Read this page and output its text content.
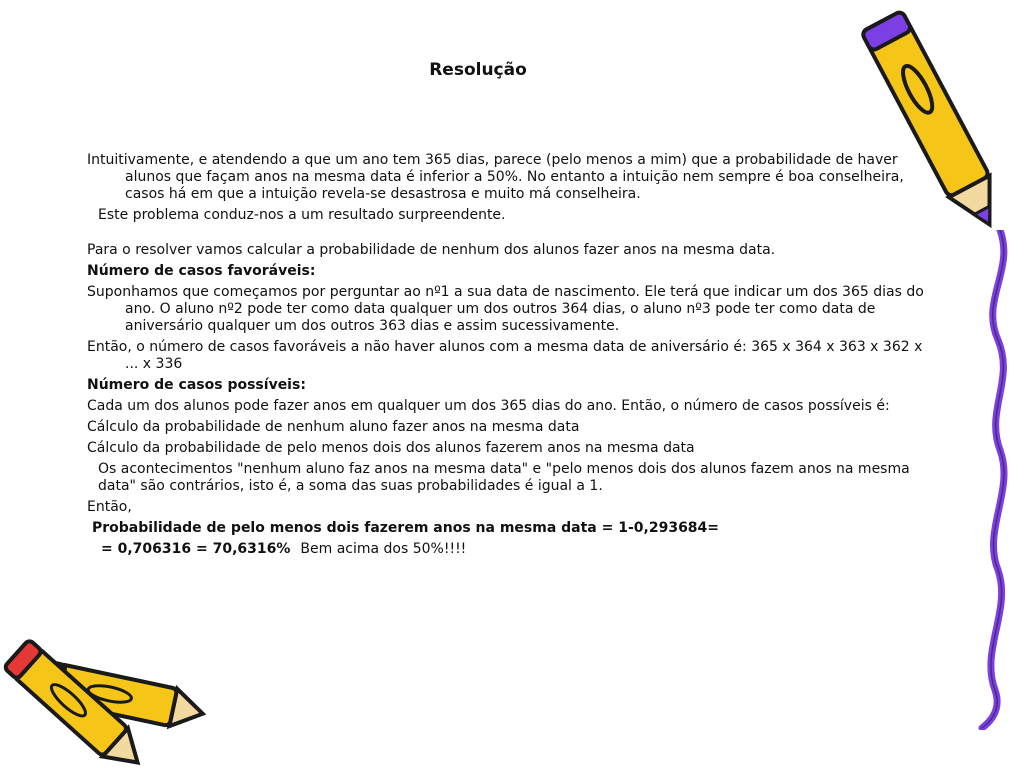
Resolução

Intuitivamente, e atendendo a que um ano tem 365 dias, parece (pelo menos a mim) que a probabilidade de haver alunos que façam anos na mesma data é inferior a 50%. No entanto a intuição nem sempre é boa conselheira, casos há em que a intuição revela-se desastrosa e muito má conselheira.

Este problema conduz-nos a um resultado surpreendente.

Para o resolver vamos calcular a probabilidade de nenhum dos alunos fazer anos na mesma data.

Número de casos favoráveis:

Suponhamos que começamos por perguntar ao nº1 a sua data de nascimento. Ele terá que indicar um dos 365 dias do ano. O aluno nº2 pode ter como data qualquer um dos outros 364 dias, o aluno nº3 pode ter como data de aniversário qualquer um dos outros 363 dias e assim sucessivamente.

Então, o número de casos favoráveis a não haver alunos com a mesma data de aniversário é: 365 x 364 x 363 x 362 x ... x 336

Número de casos possíveis:

Cada um dos alunos pode fazer anos em qualquer um dos 365 dias do ano. Então, o número de casos possíveis é:

Cálculo da probabilidade de nenhum aluno fazer anos na mesma data

Cálculo da probabilidade de pelo menos dois dos alunos fazerem anos na mesma data

Os acontecimentos "nenhum aluno faz anos na mesma data" e "pelo menos dois dos alunos fazem anos na mesma data" são contrários, isto é, a soma das suas probabilidades é igual a 1.

Então,

Probabilidade de pelo menos dois fazerem anos na mesma data = 1-0,293684=

= 0,706316 = 70,6316% Bem acima dos 50%!!!!
